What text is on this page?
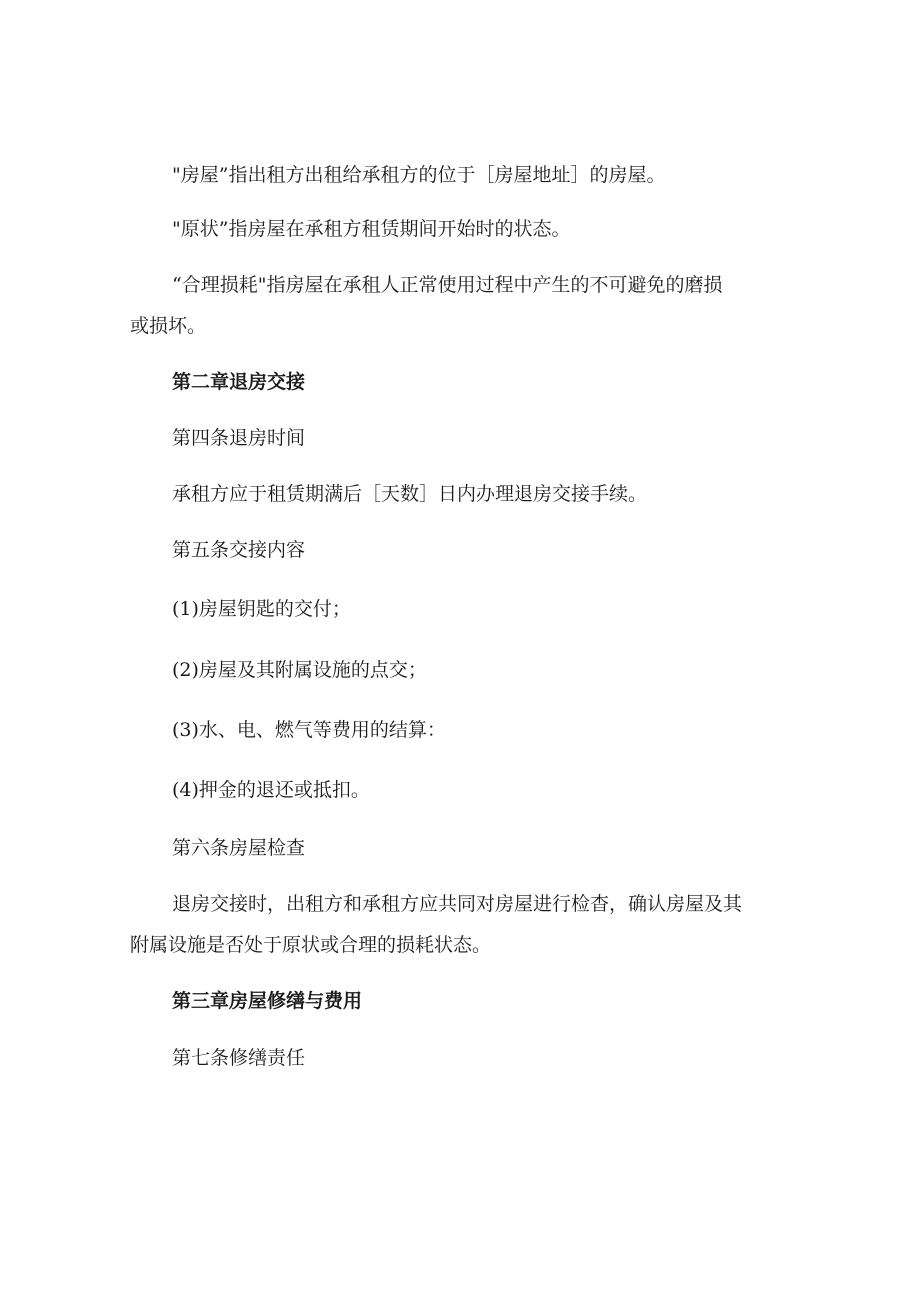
"房屋”指出租方出租给承租方的位于［房屋地址］的房屋。
"原状”指房屋在承租方租赁期间开始时的状态。
“合理损耗"指房屋在承租人正常使用过程中产生的不可避免的磨损
或损坏。
第二章退房交接
第四条退房时间
承租方应于租赁期满后［天数］日内办理退房交接手续。
第五条交接内容
(1)房屋钥匙的交付；
(2)房屋及其附属设施的点交；
(3)水、电、燃气等费用的结算：
(4)押金的退还或抵扣。
第六条房屋检查
退房交接时，出租方和承租方应共同对房屋进行检杳，确认房屋及其
附属设施是否处于原状或合理的损耗状态。
第三章房屋修缮与费用
第七条修缮责任
